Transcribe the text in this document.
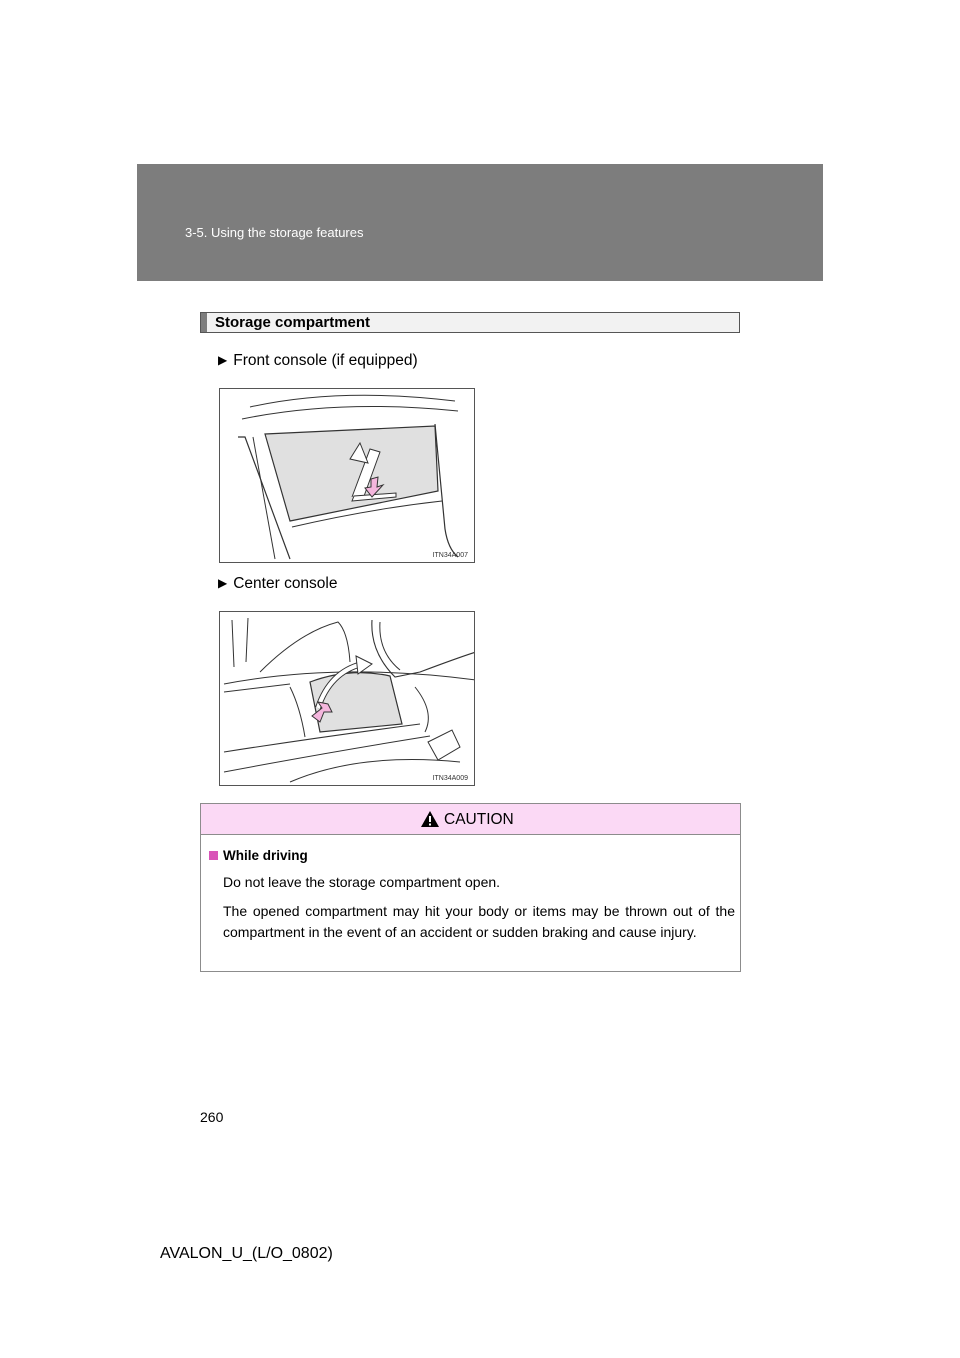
3-5. Using the storage features
Storage compartment
▶ Front console (if equipped)
ITN34A007
▶ Center console
ITN34A009
CAUTION
While driving
Do not leave the storage compartment open.
The opened compartment may hit your body or items may be thrown out of the compartment in the event of an accident or sudden braking and cause injury.
260
AVALON_U_(L/O_0802)
